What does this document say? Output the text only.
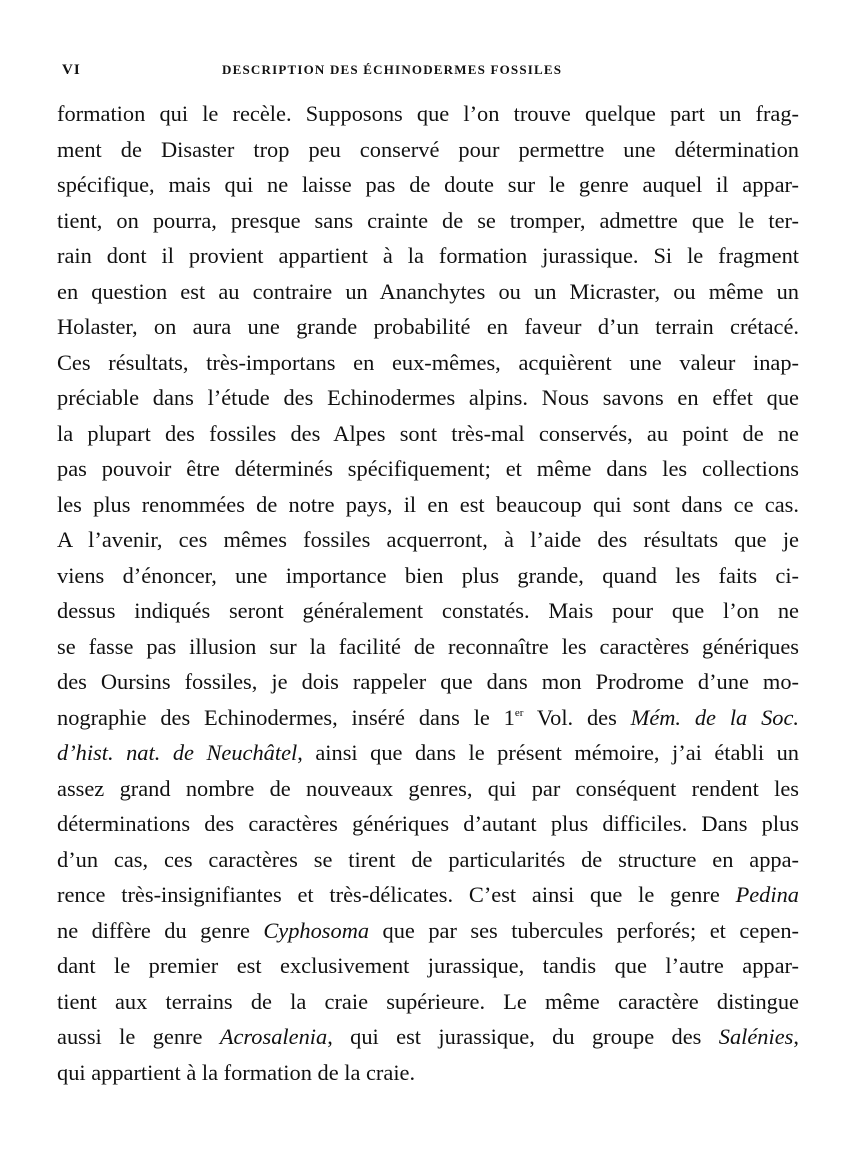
VI	DESCRIPTION DES ÉCHINODERMES FOSSILES
formation qui le recèle. Supposons que l’on trouve quelque part un frag-
ment de Disaster trop peu conservé pour permettre une détermination
spécifique, mais qui ne laisse pas de doute sur le genre auquel il appar-
tient, on pourra, presque sans crainte de se tromper, admettre que le ter-
rain dont il provient appartient à la formation jurassique. Si le fragment
en question est au contraire un Ananchytes ou un Micraster, ou même un
Holaster, on aura une grande probabilité en faveur d’un terrain crétacé.
Ces résultats, très-importans en eux-mêmes, acquièrent une valeur inap-
préciable dans l’étude des Echinodermes alpins. Nous savons en effet que
la plupart des fossiles des Alpes sont très-mal conservés, au point de ne
pas pouvoir être déterminés spécifiquement; et même dans les collections
les plus renommées de notre pays, il en est beaucoup qui sont dans ce cas.
A l’avenir, ces mêmes fossiles acquerront, à l’aide des résultats que je
viens d’énoncer, une importance bien plus grande, quand les faits ci-
dessus indiqués seront généralement constatés. Mais pour que l’on ne
se fasse pas illusion sur la facilité de reconnaître les caractères génériques
des Oursins fossiles, je dois rappeler que dans mon Prodrome d’une mo-
nographie des Echinodermes, inséré dans le 1er Vol. des Mém. de la Soc.
d’hist. nat. de Neuchâtel, ainsi que dans le présent mémoire, j’ai établi un
assez grand nombre de nouveaux genres, qui par conséquent rendent les
déterminations des caractères génériques d’autant plus difficiles. Dans plus
d’un cas, ces caractères se tirent de particularités de structure en appa-
rence très-insignifiantes et très-délicates. C’est ainsi que le genre Pedina
ne diffère du genre Cyphosoma que par ses tubercules perforés; et cepen-
dant le premier est exclusivement jurassique, tandis que l’autre appar-
tient aux terrains de la craie supérieure. Le même caractère distingue
aussi le genre Acrosalenia, qui est jurassique, du groupe des Salénies,
qui appartient à la formation de la craie.
